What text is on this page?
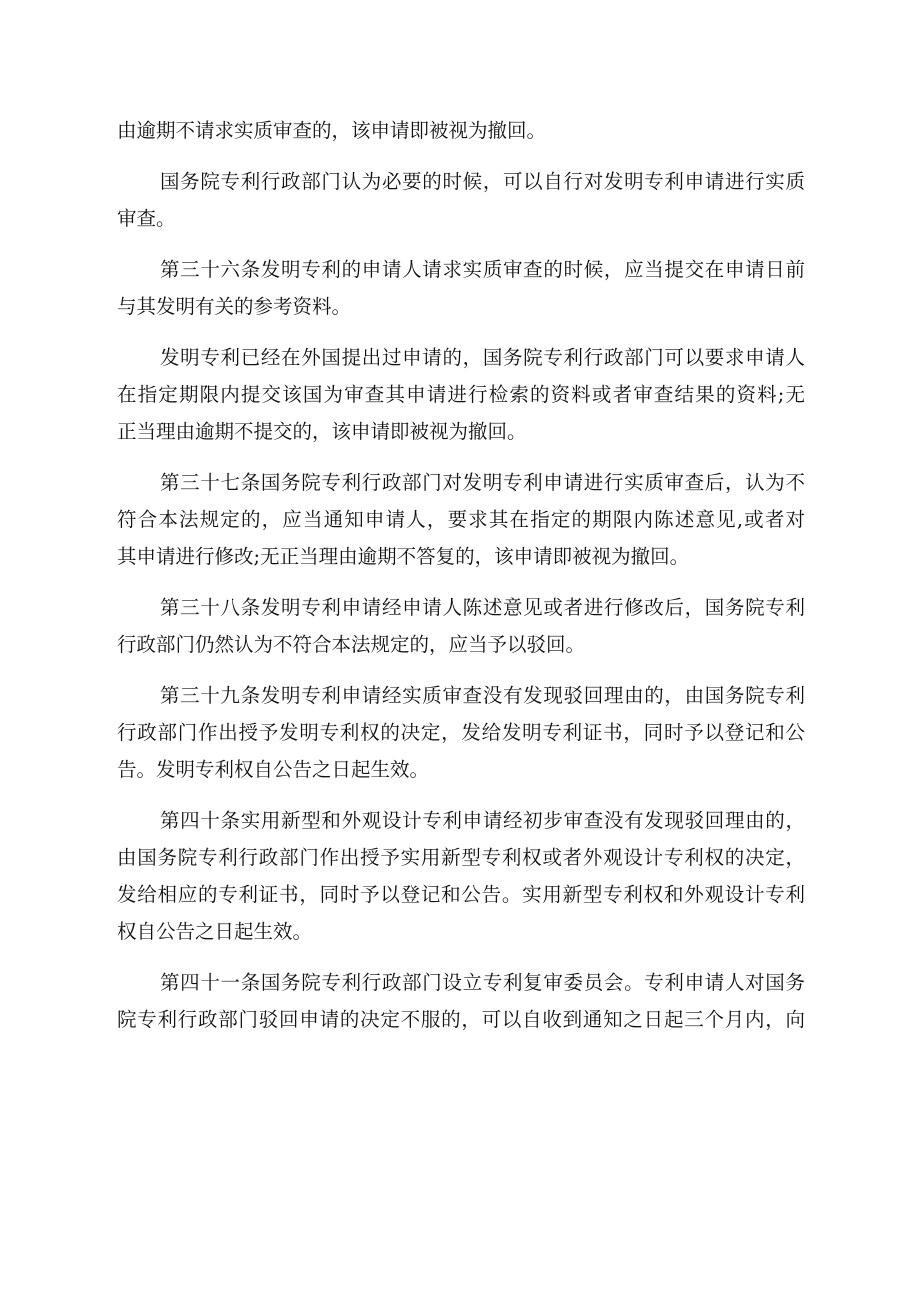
由逾期不请求实质审查的，该申请即被视为撤回。
国务院专利行政部门认为必要的时候，可以自行对发明专利申请进行实质
审查。
第三十六条发明专利的申请人请求实质审查的时候，应当提交在申请日前
与其发明有关的参考资料。
发明专利已经在外国提出过申请的，国务院专利行政部门可以要求申请人
在指定期限内提交该国为审查其申请进行检索的资料或者审查结果的资料;无
正当理由逾期不提交的，该申请即被视为撤回。
第三十七条国务院专利行政部门对发明专利申请进行实质审查后，认为不
符合本法规定的，应当通知申请人，要求其在指定的期限内陈述意见,或者对
其申请进行修改;无正当理由逾期不答复的，该申请即被视为撤回。
第三十八条发明专利申请经申请人陈述意见或者进行修改后，国务院专利
行政部门仍然认为不符合本法规定的，应当予以驳回。
第三十九条发明专利申请经实质审查没有发现驳回理由的，由国务院专利
行政部门作出授予发明专利权的决定，发给发明专利证书，同时予以登记和公
告。发明专利权自公告之日起生效。
第四十条实用新型和外观设计专利申请经初步审查没有发现驳回理由的，
由国务院专利行政部门作出授予实用新型专利权或者外观设计专利权的决定，
发给相应的专利证书，同时予以登记和公告。实用新型专利权和外观设计专利
权自公告之日起生效。
第四十一条国务院专利行政部门设立专利复审委员会。专利申请人对国务
院专利行政部门驳回申请的决定不服的，可以自收到通知之日起三个月内，向
